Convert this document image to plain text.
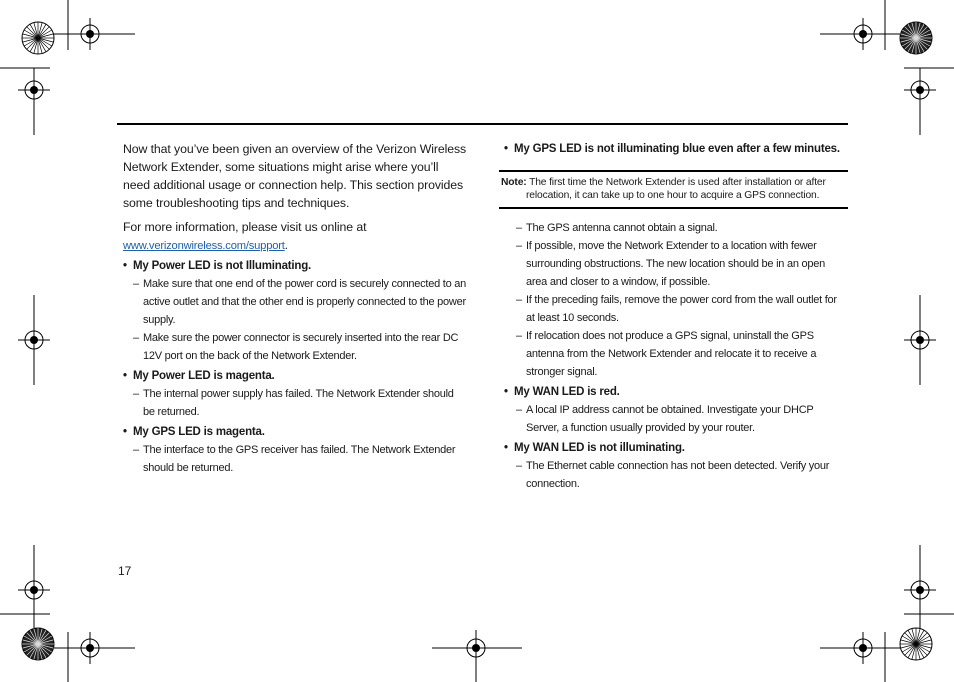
Now that you’ve been given an overview of the Verizon Wireless Network Extender, some situations might arise where you’ll need additional usage or connection help. This section provides some troubleshooting tips and techniques.

For more information, please visit us online at
www.verizonwireless.com/support.

• My Power LED is not Illuminating.

– Make sure that one end of the power cord is securely connected to an active outlet and that the other end is properly connected to the power supply.
– Make sure the power connector is securely inserted into the rear DC 12V port on the back of the Network Extender.

• My Power LED is magenta.

– The internal power supply has failed. The Network Extender should be returned.

• My GPS LED is magenta.

– The interface to the GPS receiver has failed. The Network Extender should be returned.

• My GPS LED is not illuminating blue even after a few minutes.

Note: The first time the Network Extender is used after installation or after
relocation, it can take up to one hour to acquire a GPS connection.
– The GPS antenna cannot obtain a signal.
– If possible, move the Network Extender to a location with fewer surrounding obstructions. The new location should be in an open area and closer to a window, if possible.
– If the preceding fails, remove the power cord from the wall outlet for at least 10 seconds.
– If relocation does not produce a GPS signal, uninstall the GPS antenna from the Network Extender and relocate it to receive a stronger signal.

• My WAN LED is red.

– A local IP address cannot be obtained. Investigate your DHCP Server, a function usually provided by your router.

• My WAN LED is not illuminating.

– The Ethernet cable connection has not been detected. Verify your connection.
17
